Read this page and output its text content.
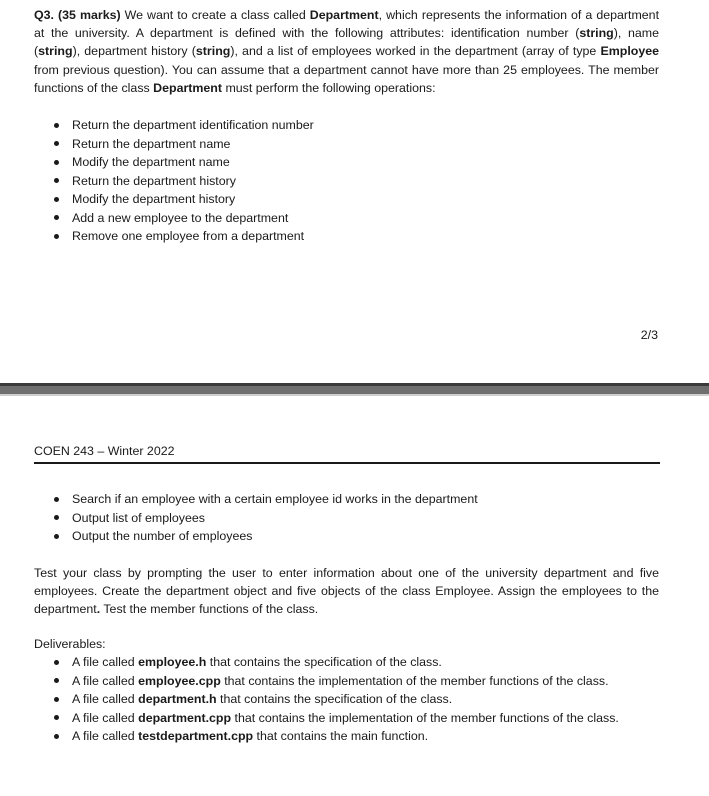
Q3. (35 marks) We want to create a class called Department, which represents the information of a department at the university. A department is defined with the following attributes: identification number (string), name (string), department history (string), and a list of employees worked in the department (array of type Employee from previous question). You can assume that a department cannot have more than 25 employees. The member functions of the class Department must perform the following operations:

Return the department identification number
Return the department name
Modify the department name
Return the department history
Modify the department history
Add a new employee to the department
Remove one employee from a department
2/3
COEN 243 – Winter 2022
Search if an employee with a certain employee id works in the department
Output list of employees
Output the number of employees

Test your class by prompting the user to enter information about one of the university department and five employees. Create the department object and five objects of the class Employee. Assign the employees to the department. Test the member functions of the class.

Deliverables:

A file called employee.h that contains the specification of the class.
A file called employee.cpp that contains the implementation of the member functions of the class.
A file called department.h that contains the specification of the class.
A file called department.cpp that contains the implementation of the member functions of the class.
A file called testdepartment.cpp that contains the main function.
